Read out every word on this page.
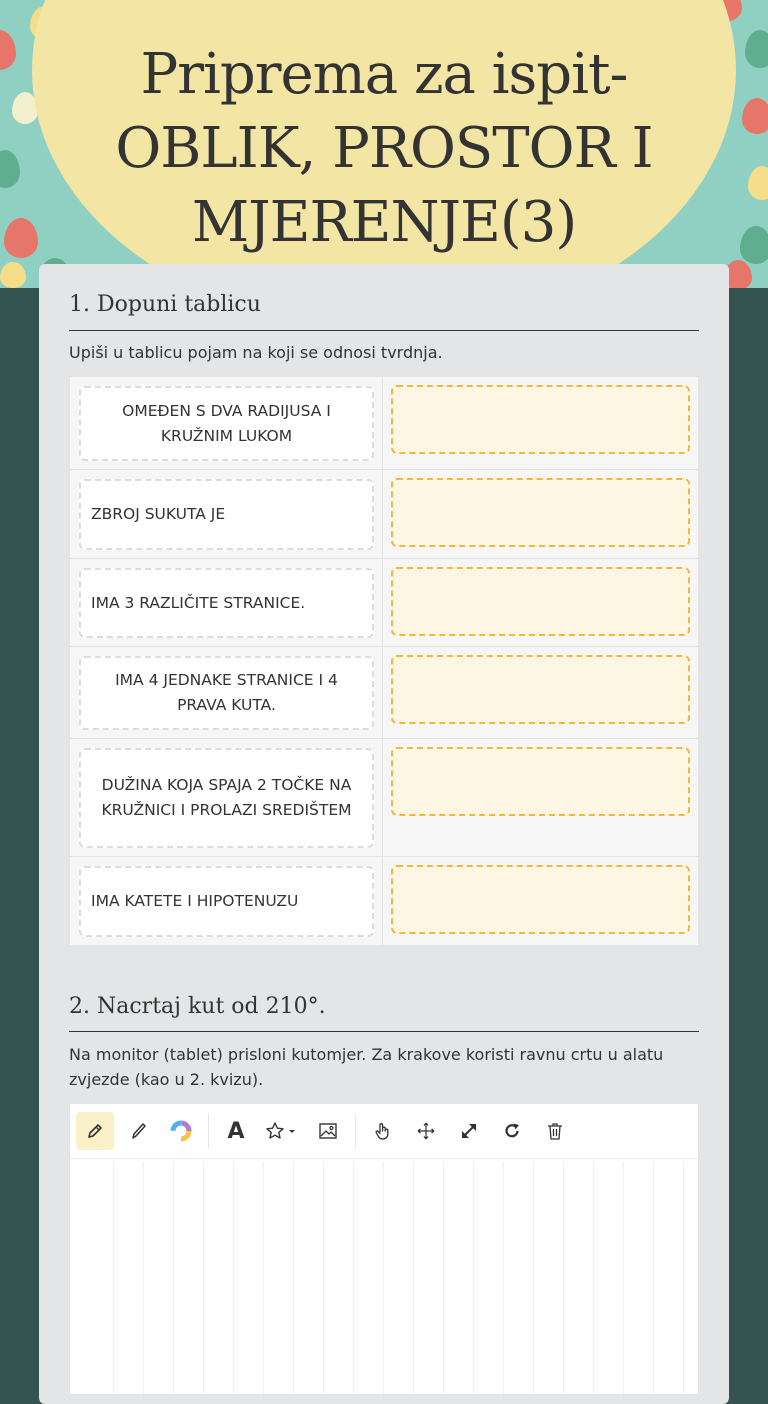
Priprema za ispit- OBLIK, PROSTOR I MJERENJE(3)
1. Dopuni tablicu

Upiši u tablicu pojam na koji se odnosi tvrdnja.

OMEĐEN S DVA RADIJUSA I KRUŽNIM LUKOM
ZBROJ SUKUTA JE
IMA 3 RAZLIČITE STRANICE.
IMA 4 JEDNAKE STRANICE I 4 PRAVA KUTA.
DUŽINA KOJA SPAJA 2 TOČKE NA KRUŽNICI I PROLAZI SREDIŠTEM
IMA KATETE I HIPOTENUZU
2. Nacrtaj kut od 210°.

Na monitor (tablet) prisloni kutomjer. Za krakove koristi ravnu crtu u alatu zvjezde (kao u 2. kvizu).

A
